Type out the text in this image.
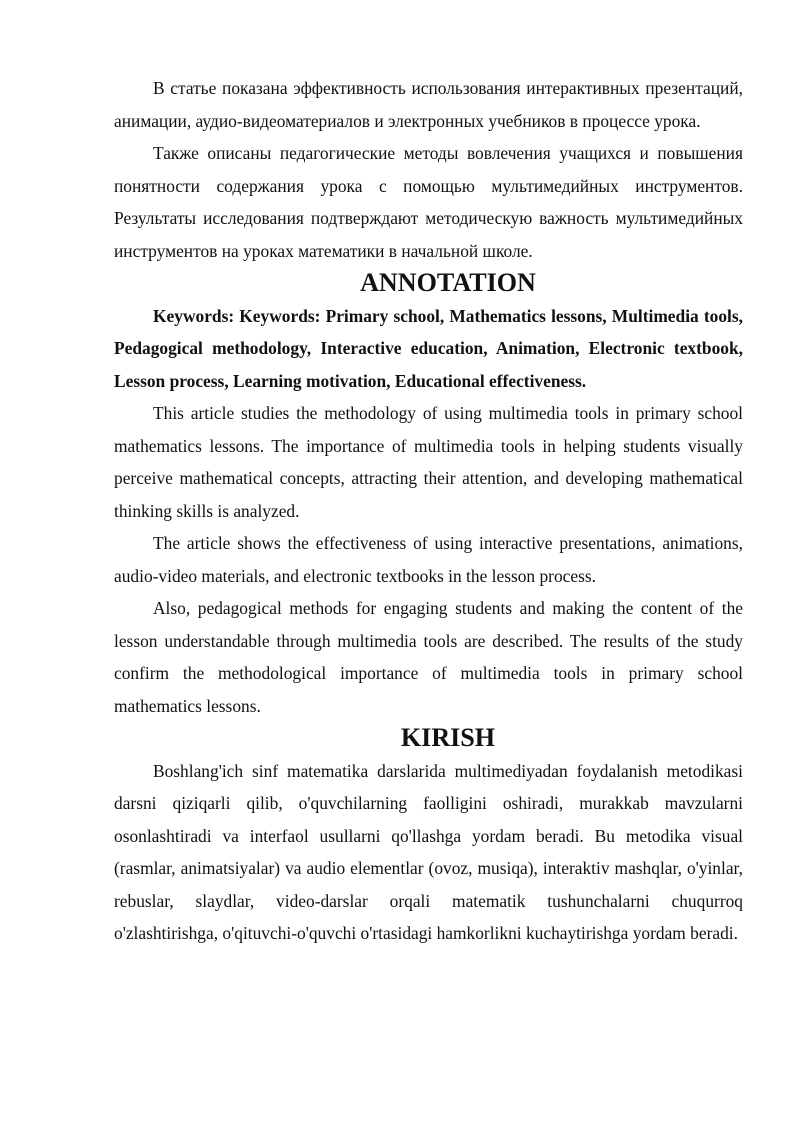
В статье показана эффективность использования интерактивных презентаций, анимации, аудио-видеоматериалов и электронных учебников в процессе урока.

Также описаны педагогические методы вовлечения учащихся и повышения понятности содержания урока с помощью мультимедийных инструментов. Результаты исследования подтверждают методическую важность мультимедийных инструментов на уроках математики в начальной школе.

ANNOTATION

Keywords: Keywords: Primary school, Mathematics lessons, Multimedia tools, Pedagogical methodology, Interactive education, Animation, Electronic textbook, Lesson process, Learning motivation, Educational effectiveness.

This article studies the methodology of using multimedia tools in primary school mathematics lessons. The importance of multimedia tools in helping students visually perceive mathematical concepts, attracting their attention, and developing mathematical thinking skills is analyzed.

The article shows the effectiveness of using interactive presentations, animations, audio-video materials, and electronic textbooks in the lesson process.

Also, pedagogical methods for engaging students and making the content of the lesson understandable through multimedia tools are described. The results of the study confirm the methodological importance of multimedia tools in primary school mathematics lessons.

KIRISH

Boshlang'ich sinf matematika darslarida multimediyadan foydalanish metodikasi darsni qiziqarli qilib, o'quvchilarning faolligini oshiradi, murakkab mavzularni osonlashtiradi va interfaol usullarni qo'llashga yordam beradi. Bu metodika visual (rasmlar, animatsiyalar) va audio elementlar (ovoz, musiqa), interaktiv mashqlar, o'yinlar, rebuslar, slaydlar, video-darslar orqali matematik tushunchalarni chuqurroq o'zlashtirishga, o'qituvchi-o'quvchi o'rtasidagi hamkorlikni kuchaytirishga yordam beradi.
